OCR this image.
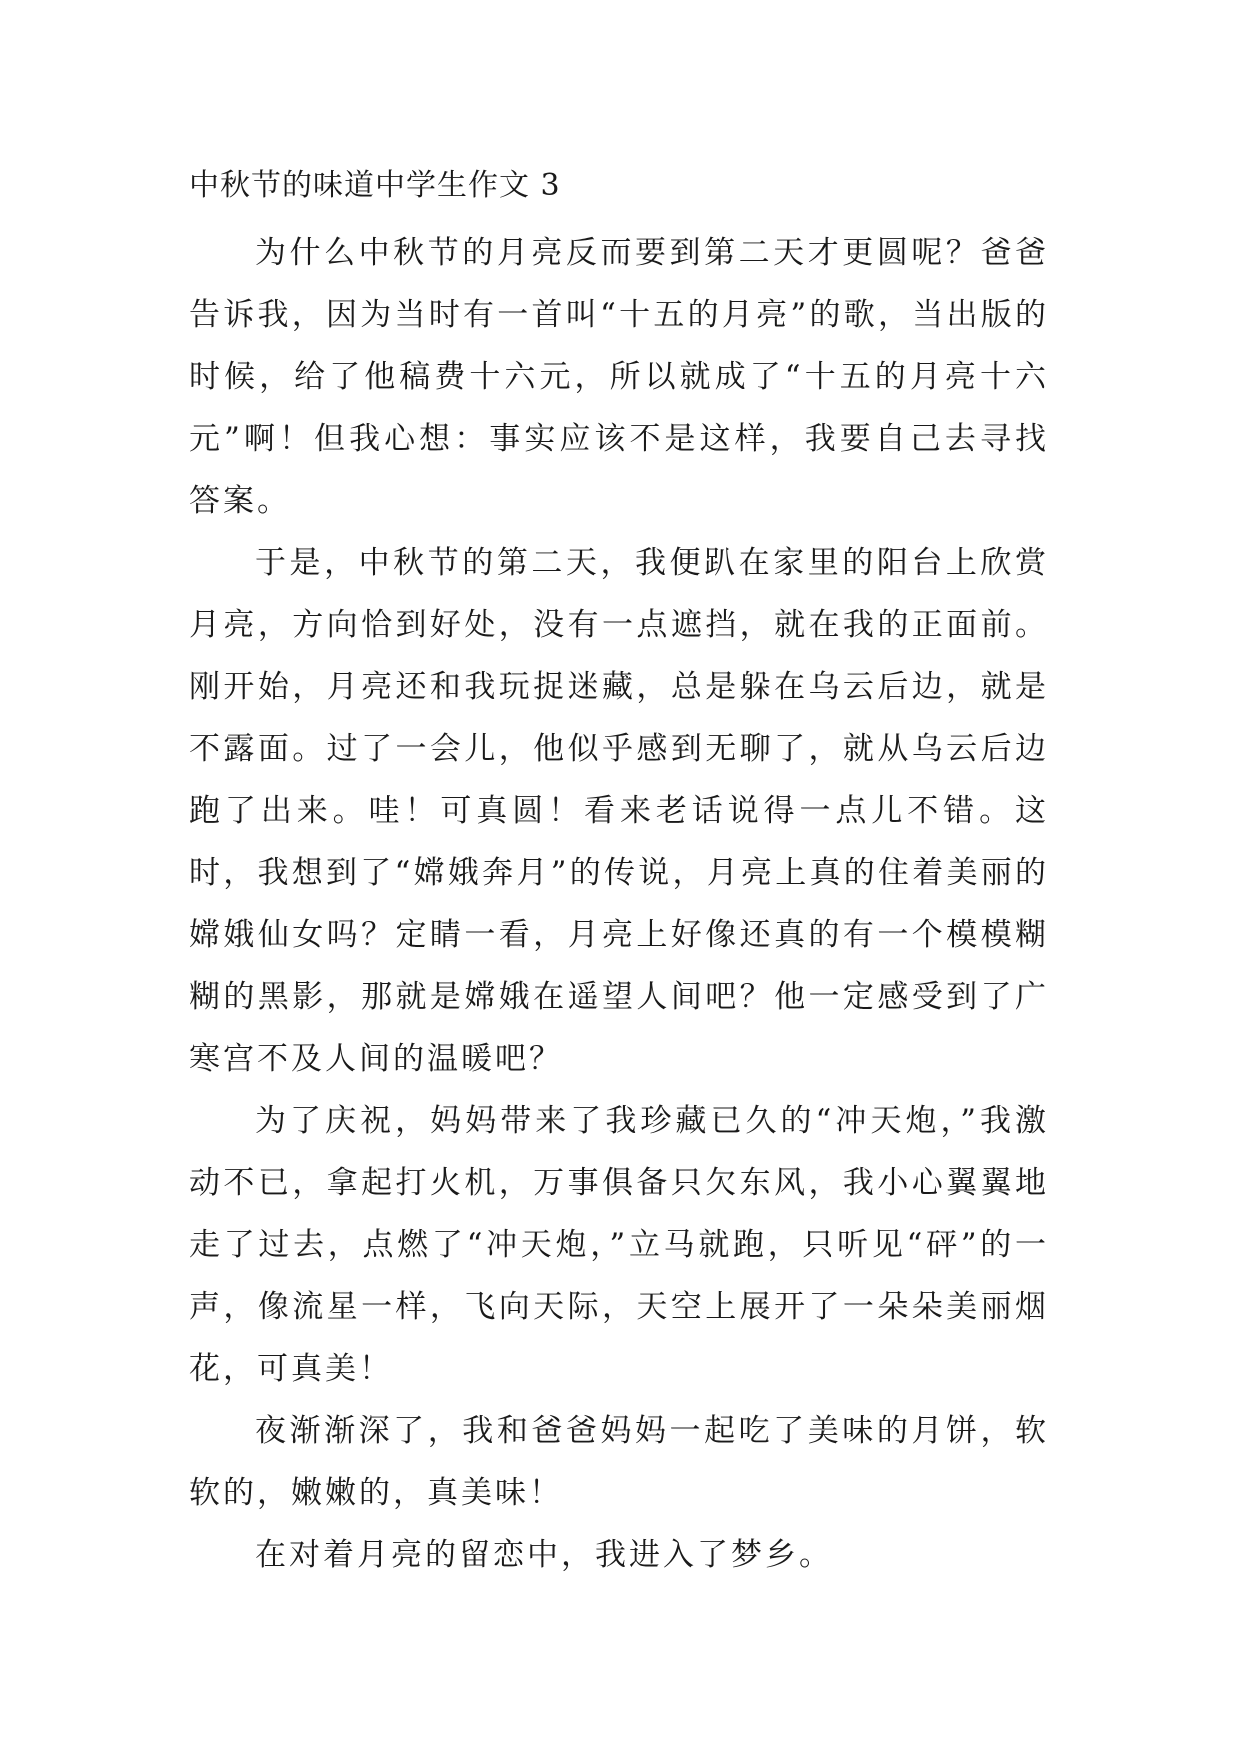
中秋节的味道中学生作文 3

为什么中秋节的月亮反而要到第二天才更圆呢？爸爸告诉我，因为当时有一首叫“十五的月亮”的歌，当出版的时候，给了他稿费十六元，所以就成了“十五的月亮十六元”啊！但我心想：事实应该不是这样，我要自己去寻找答案。

于是，中秋节的第二天，我便趴在家里的阳台上欣赏月亮，方向恰到好处，没有一点遮挡，就在我的正面前。刚开始，月亮还和我玩捉迷藏，总是躲在乌云后边，就是不露面。过了一会儿，他似乎感到无聊了，就从乌云后边跑了出来。哇！可真圆！看来老话说得一点儿不错。这时，我想到了“嫦娥奔月”的传说，月亮上真的住着美丽的嫦娥仙女吗？定睛一看，月亮上好像还真的有一个模模糊糊的黑影，那就是嫦娥在遥望人间吧？他一定感受到了广寒宫不及人间的温暖吧？

为了庆祝，妈妈带来了我珍藏已久的“冲天炮，”我激动不已，拿起打火机，万事俱备只欠东风，我小心翼翼地走了过去，点燃了“冲天炮，”立马就跑，只听见“砰”的一声，像流星一样，飞向天际，天空上展开了一朵朵美丽烟花，可真美！

夜渐渐深了，我和爸爸妈妈一起吃了美味的月饼，软软的，嫩嫩的，真美味！

在对着月亮的留恋中，我进入了梦乡。
